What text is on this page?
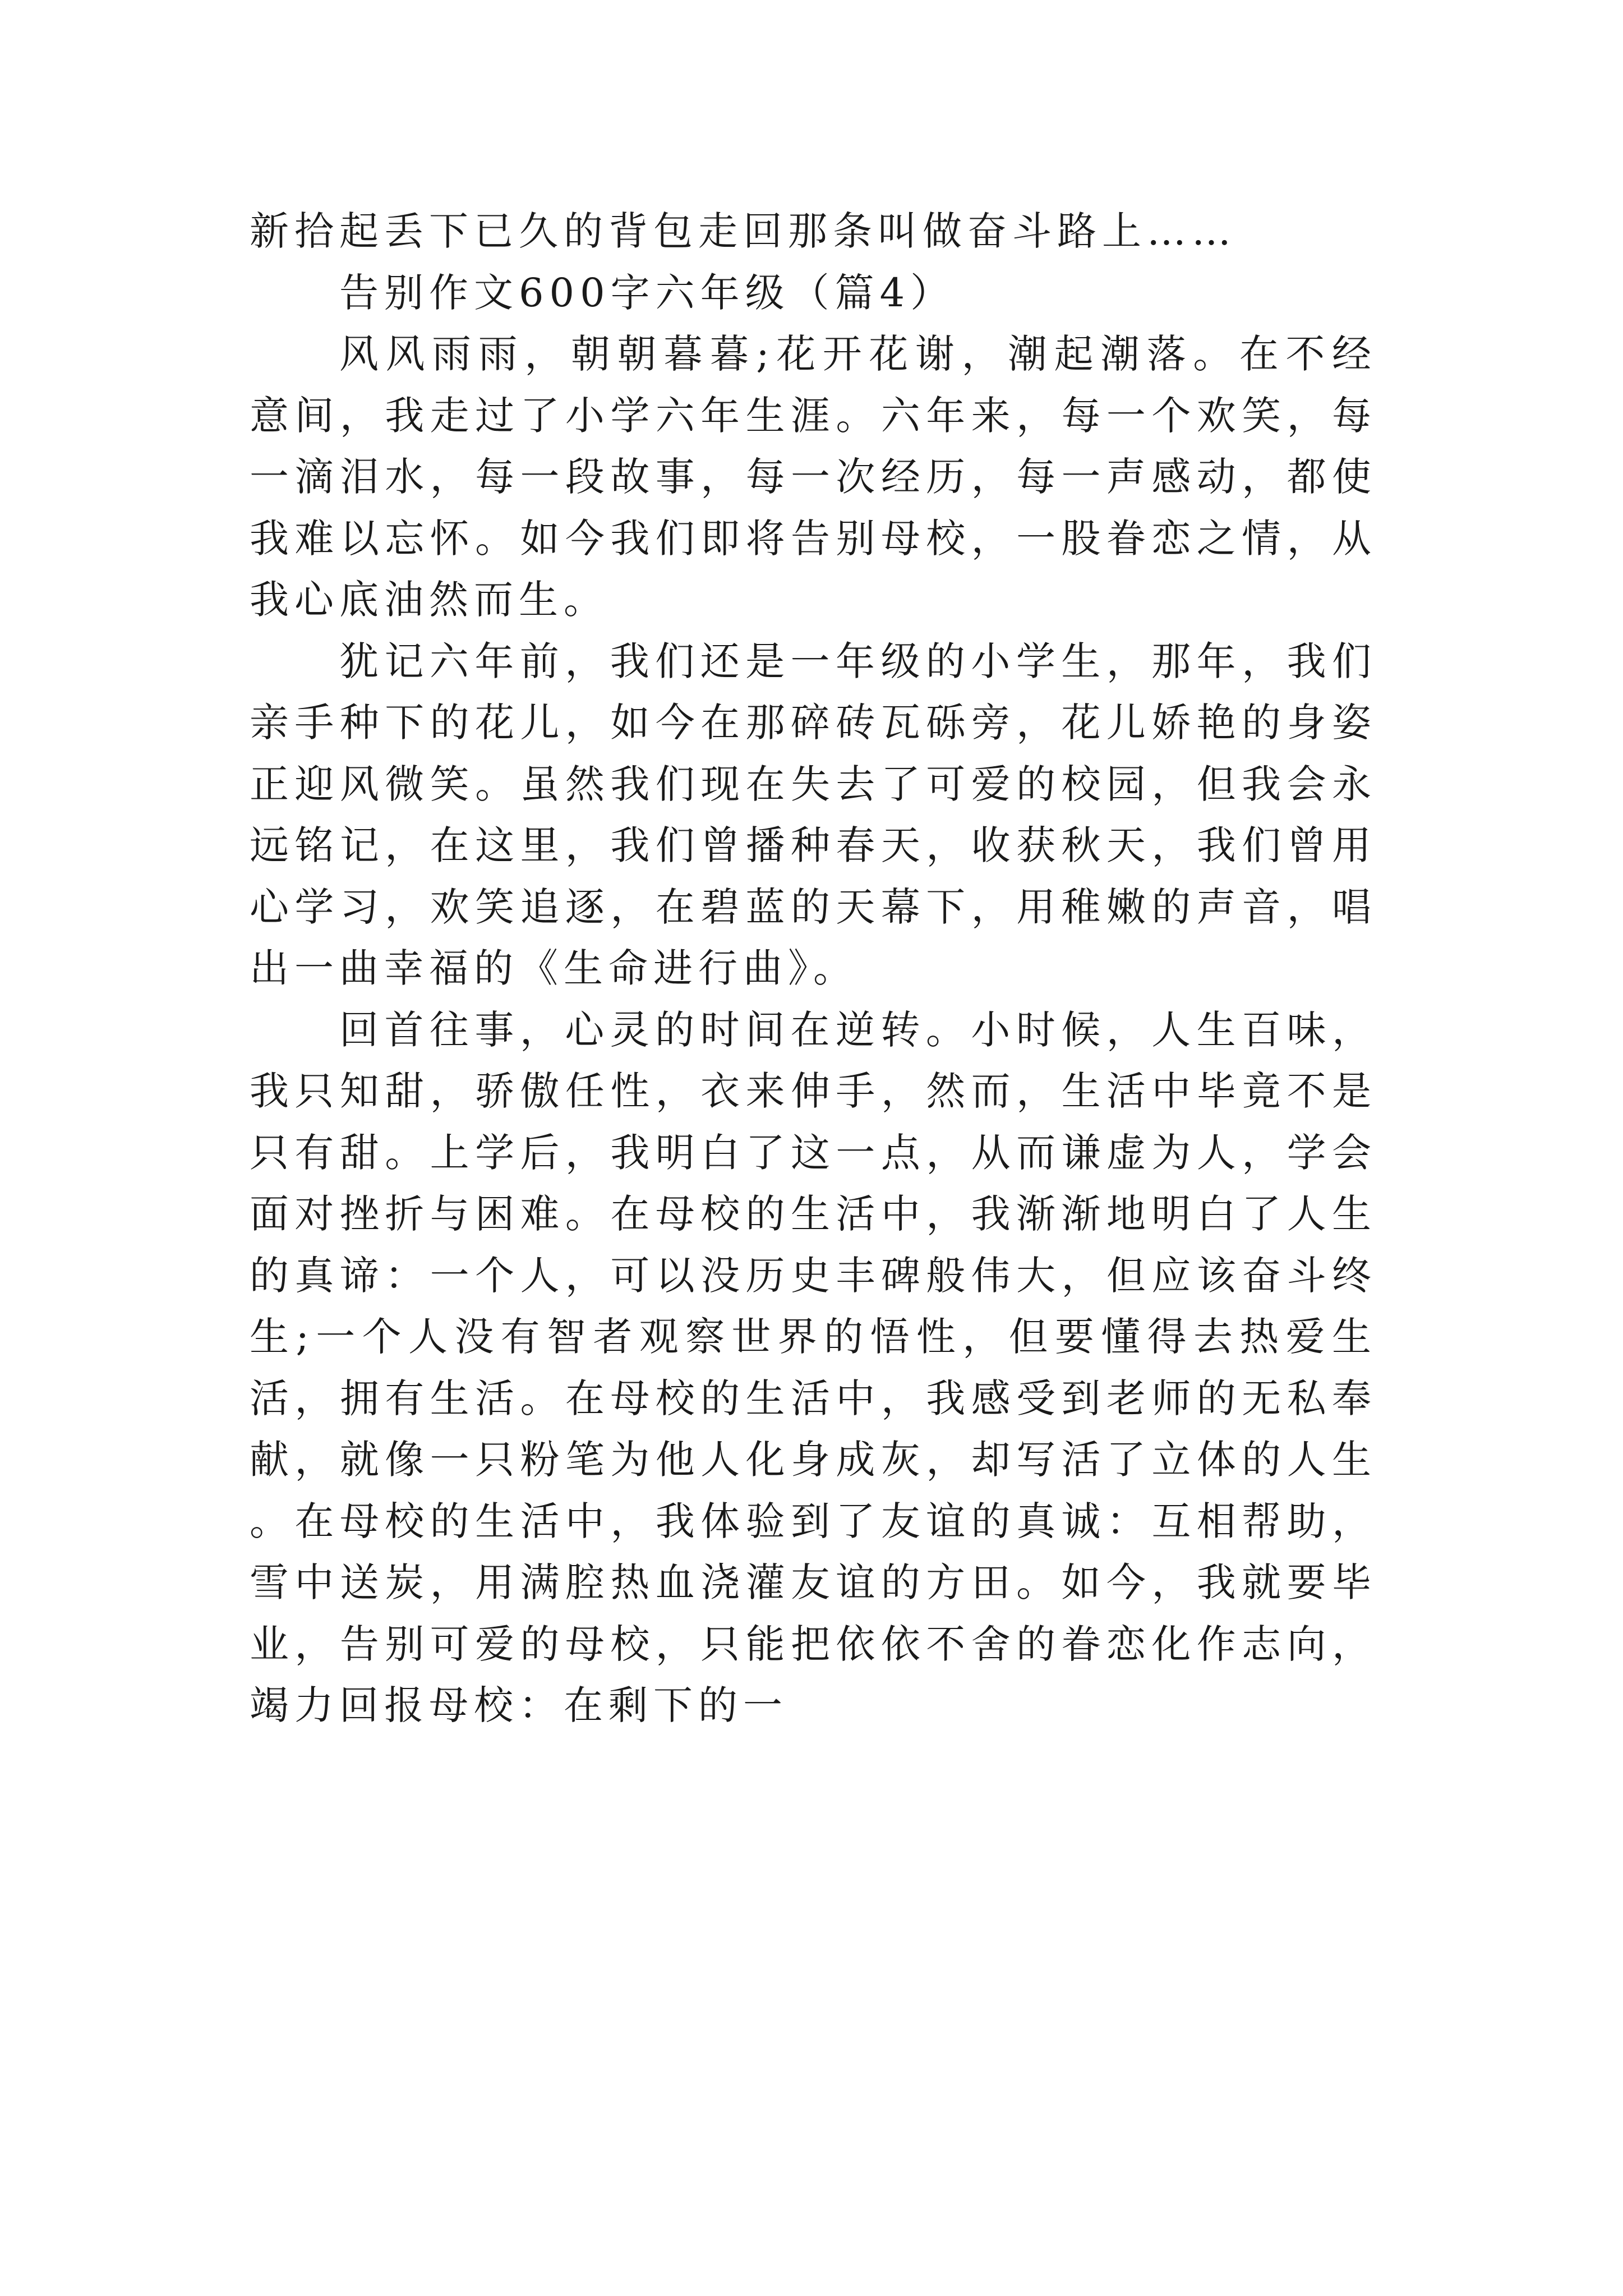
新拾起丢下已久的背包走回那条叫做奋斗路上……

告别作文600字六年级（篇4）

风风雨雨，朝朝暮暮;花开花谢，潮起潮落。在不经意间，我走过了小学六年生涯。六年来，每一个欢笑，每一滴泪水，每一段故事，每一次经历，每一声感动，都使我难以忘怀。如今我们即将告别母校，一股眷恋之情，从我心底油然而生。

犹记六年前，我们还是一年级的小学生，那年，我们亲手种下的花儿，如今在那碎砖瓦砾旁，花儿娇艳的身姿正迎风微笑。虽然我们现在失去了可爱的校园，但我会永远铭记，在这里，我们曾播种春天，收获秋天，我们曾用心学习，欢笑追逐，在碧蓝的天幕下，用稚嫩的声音，唱出一曲幸福的《生命进行曲》。

回首往事，心灵的时间在逆转。小时候，人生百味，我只知甜，骄傲任性，衣来伸手，然而，生活中毕竟不是只有甜。上学后，我明白了这一点，从而谦虚为人，学会面对挫折与困难。在母校的生活中，我渐渐地明白了人生的真谛：一个人，可以没历史丰碑般伟大，但应该奋斗终生;一个人没有智者观察世界的悟性，但要懂得去热爱生活，拥有生活。在母校的生活中，我感受到老师的无私奉献，就像一只粉笔为他人化身成灰，却写活了立体的人生。在母校的生活中，我体验到了友谊的真诚：互相帮助，雪中送炭，用满腔热血浇灌友谊的方田。如今，我就要毕业，告别可爱的母校，只能把依依不舍的眷恋化作志向，竭力回报母校：在剩下的一
